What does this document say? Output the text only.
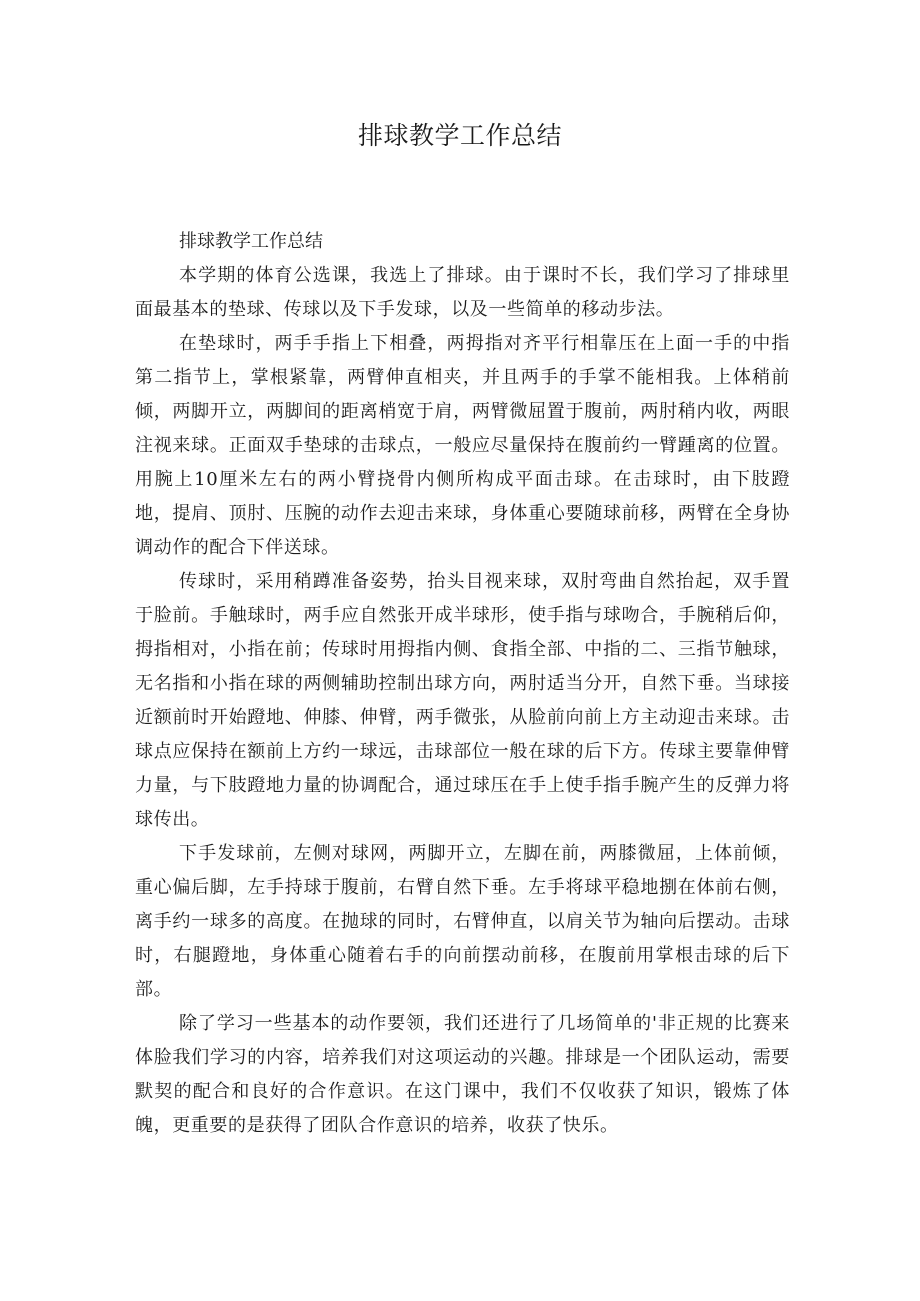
排球教学工作总结

排球教学工作总结

本学期的体育公选课，我选上了排球。由于课时不长，我们学习了排球里面最基本的垫球、传球以及下手发球，以及一些简单的移动步法。

在垫球时，两手手指上下相叠，两拇指对齐平行相靠压在上面一手的中指第二指节上，掌根紧靠，两臂伸直相夹，并且两手的手掌不能相我。上体稍前倾，两脚开立，两脚间的距离梢宽于肩，两臂微屈置于腹前，两肘稍内收，两眼注视来球。正面双手垫球的击球点，一般应尽量保持在腹前约一臂踵离的位置。用腕上10厘米左右的两小臂挠骨内侧所构成平面击球。在击球时，由下肢蹬地，提肩、顶肘、压腕的动作去迎击来球，身体重心要随球前移，两臂在全身协调动作的配合下伴送球。

传球时，采用稍蹲准备姿势，抬头目视来球，双肘弯曲自然抬起，双手置于脸前。手触球时，两手应自然张开成半球形，使手指与球吻合，手腕稍后仰，拇指相对，小指在前；传球时用拇指内侧、食指全部、中指的二、三指节触球，无名指和小指在球的两侧辅助控制出球方向，两肘适当分开，自然下垂。当球接近额前时开始蹬地、伸膝、伸臂，两手微张，从脸前向前上方主动迎击来球。击球点应保持在额前上方约一球远，击球部位一般在球的后下方。传球主要靠伸臂力量，与下肢蹬地力量的协调配合，通过球压在手上使手指手腕产生的反弹力将球传出。

下手发球前，左侧对球网，两脚开立，左脚在前，两膝微屈，上体前倾，重心偏后脚，左手持球于腹前，右臂自然下垂。左手将球平稳地捌在体前右侧，离手约一球多的高度。在抛球的同时，右臂伸直，以肩关节为轴向后摆动。击球时，右腿蹬地，身体重心随着右手的向前摆动前移，在腹前用掌根击球的后下部。

除了学习一些基本的动作要领，我们还进行了几场简单的'非正规的比赛来体脸我们学习的内容，培养我们对这项运动的兴趣。排球是一个团队运动，需要默契的配合和良好的合作意识。在这门课中，我们不仅收获了知识，锻炼了体魄，更重要的是获得了团队合作意识的培养，收获了快乐。
